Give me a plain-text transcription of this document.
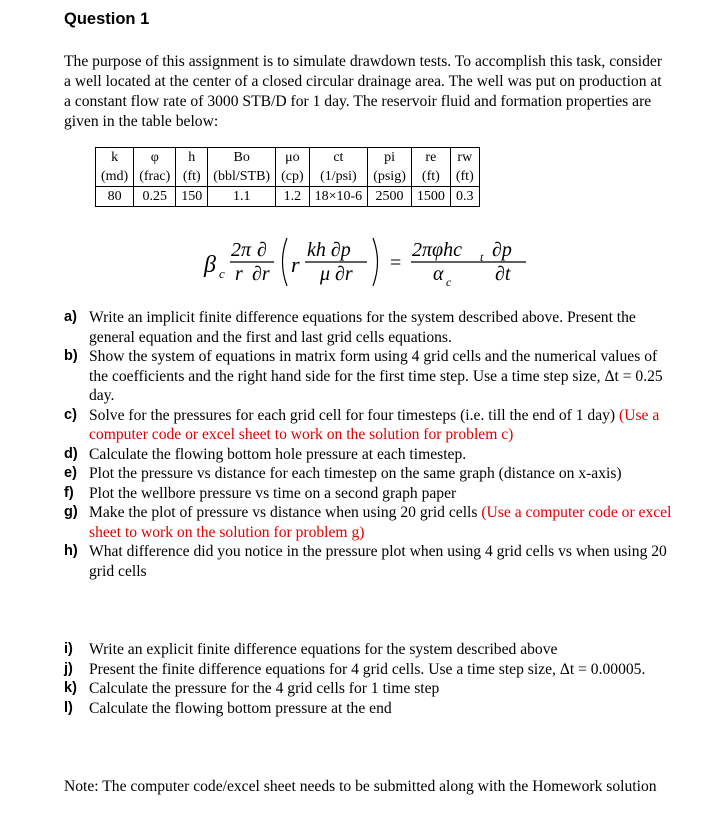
Question 1
The purpose of this assignment is to simulate drawdown tests. To accomplish this task, consider a well located at the center of a closed circular drainage area. The well was put on production at a constant flow rate of 3000 STB/D for 1 day. The reservoir fluid and formation properties are given in the table below:
k	φ	h	Bo	μo	ct	pi	re	rw
(md)	(frac)	(ft)	(bbl/STB)	(cp)	(1/psi)	(psig)	(ft)	(ft)
80	0.25	150	1.1	1.2	18×10-6	2500	1500	0.3
β c
2π ∂
r ∂r r
kh ∂p
μ ∂r =
2πφhc t ∂p
α c ∂t
a) Write an implicit finite difference equations for the system described above. Present the general equation and the first and last grid cells equations.
b) Show the system of equations in matrix form using 4 grid cells and the numerical values of the coefficients and the right hand side for the first time step. Use a time step size, Δt = 0.25 day.
c) Solve for the pressures for each grid cell for four timesteps (i.e. till the end of 1 day) (Use a computer code or excel sheet to work on the solution for problem c)
d) Calculate the flowing bottom hole pressure at each timestep.
e) Plot the pressure vs distance for each timestep on the same graph (distance on x-axis)
f) Plot the wellbore pressure vs time on a second graph paper
g) Make the plot of pressure vs distance when using 20 grid cells (Use a computer code or excel sheet to work on the solution for problem g)
h) What difference did you notice in the pressure plot when using 4 grid cells vs when using 20 grid cells
i) Write an explicit finite difference equations for the system described above
j) Present the finite difference equations for 4 grid cells. Use a time step size, Δt = 0.00005.
k) Calculate the pressure for the 4 grid cells for 1 time step
l) Calculate the flowing bottom pressure at the end
Note: The computer code/excel sheet needs to be submitted along with the Homework solution
